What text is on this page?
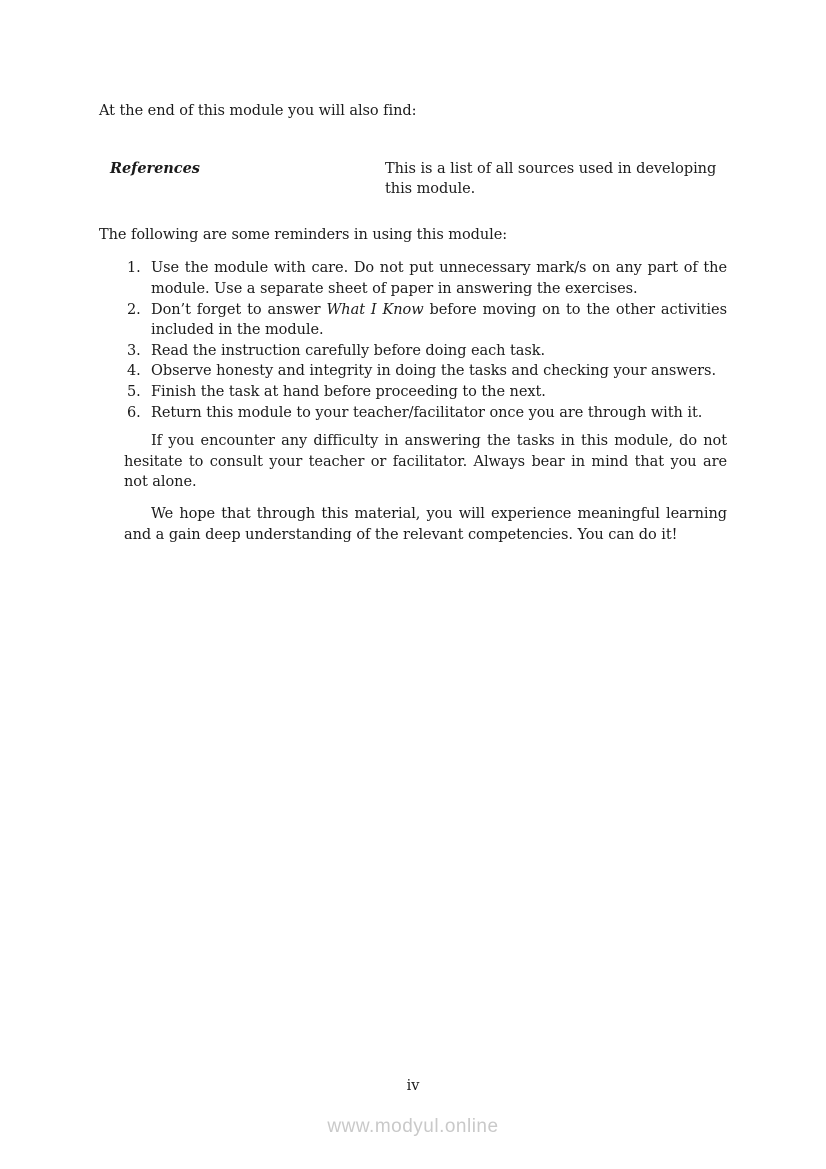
At the end of this module you will also find:

References	This is a list of all sources used in developing this module.

The following are some reminders in using this module:

1. Use the module with care. Do not put unnecessary mark/s on any part of the module. Use a separate sheet of paper in answering the exercises.
2. Don’t forget to answer What I Know before moving on to the other activities included in the module.
3. Read the instruction carefully before doing each task.
4. Observe honesty and integrity in doing the tasks and checking your answers.
5. Finish the task at hand before proceeding to the next.
6. Return this module to your teacher/facilitator once you are through with it.

If you encounter any difficulty in answering the tasks in this module, do not hesitate to consult your teacher or facilitator. Always bear in mind that you are not alone.

We hope that through this material, you will experience meaningful learning and a gain deep understanding of the relevant competencies. You can do it!

iv
www.modyul.online
